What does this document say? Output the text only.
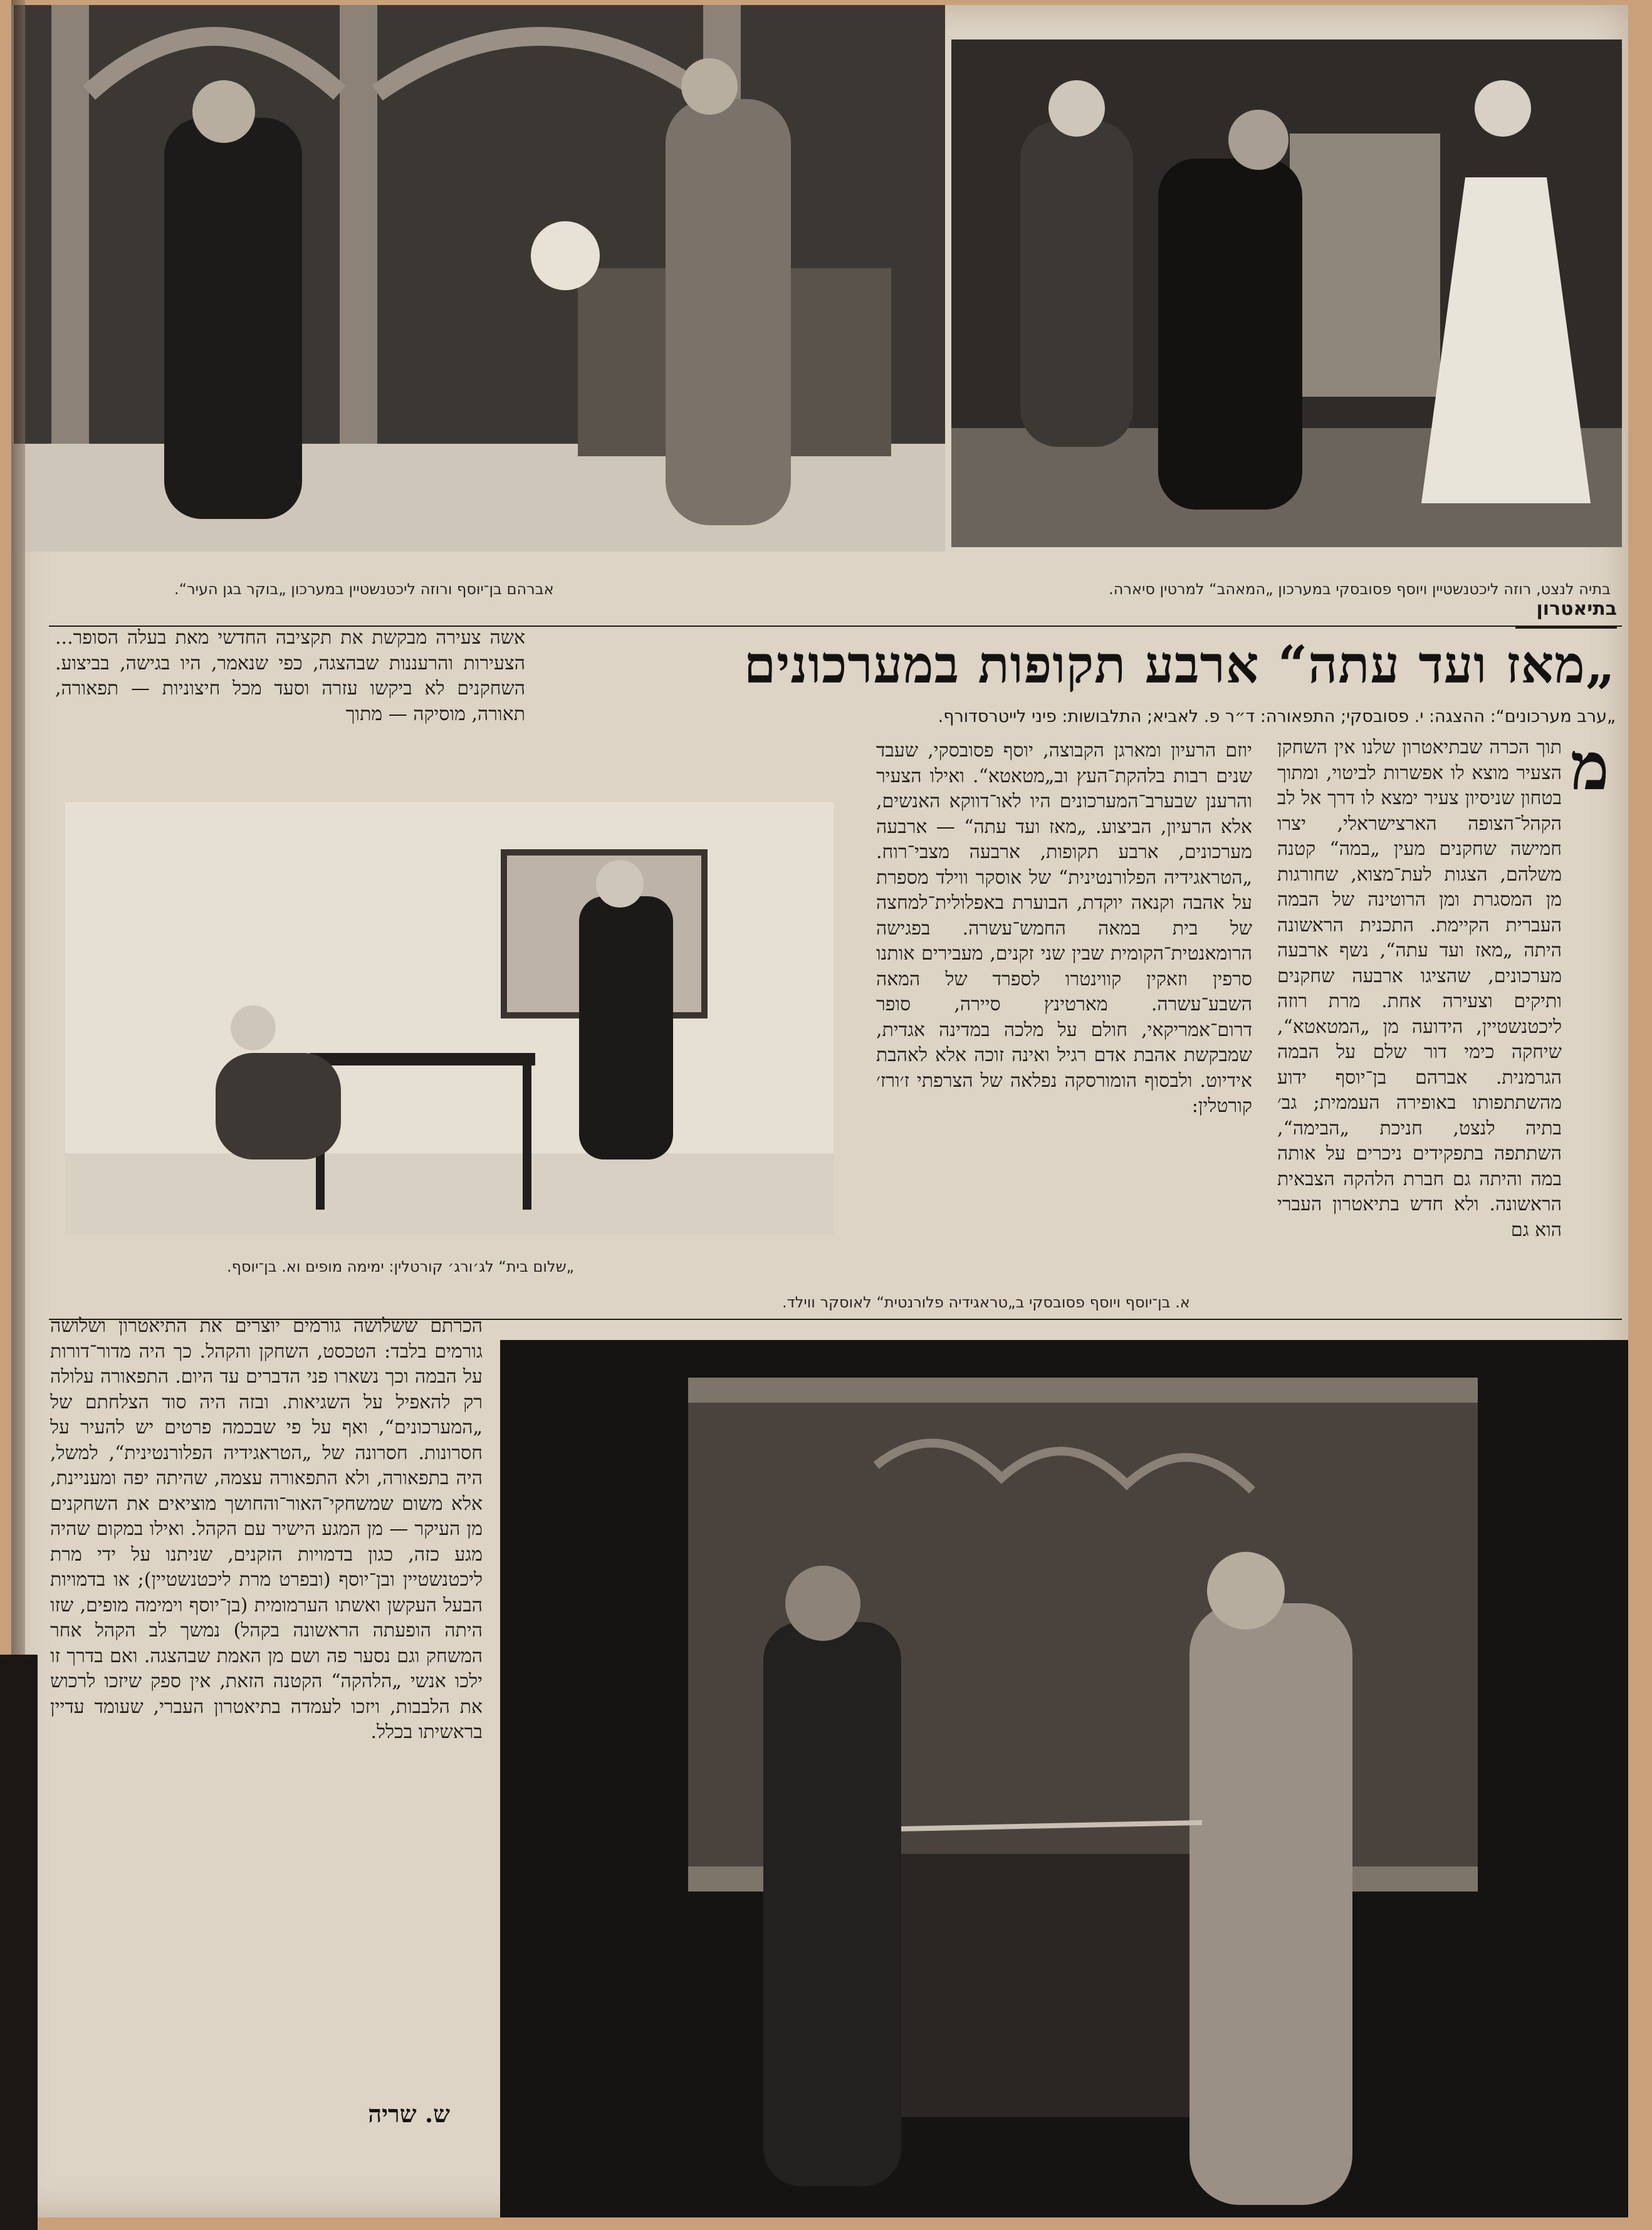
אברהם בן־יוסף ורוזה ליכטנשטיין במערכון „בוקר בגן העיר“.	בתיה לנצט, רוזה ליכטנשטיין ויוסף פסובסקי במערכון „המאהב“ למרטין סיארה.
בתיאטרון
„מאז ועד עתה“ ארבע תקופות במערכונים
„ערב מערכונים“: ההצגה: י. פסובסקי; התפאורה: ד״ר פ. לאביא; התלבושות: פיני לייטרסדורף.
מ

תוך הכרה שבתיאטרון שלנו אין השחקן הצעיר מוצא לו אפשרות לביטוי, ומתוך בטחון שניסיון צעיר ימצא לו דרך אל לב הקהל־הצופה הארצישראלי, יצרו חמישה שחקנים מעין „במה“ קטנה משלהם, הצגות לעת־מצוא, שחורגות מן המסגרת ומן הרוטינה של הבמה העברית הקיימת. התכנית הראשונה היתה „מאז ועד עתה“, נשף ארבעה מערכונים, שהציגו ארבעה שחקנים ותיקים וצעירה אחת. מרת רוזה ליכטנשטיין, הידועה מן „המטאטא“, שיחקה כימי דור שלם על הבמה הגרמנית. אברהם בן־יוסף ידוע מהשתתפותו באופירה העממית; גב׳ בתיה לנצט, חניכת „הבימה“, השתתפה בתפקידים ניכרים על אותה במה והיתה גם חברת הלהקה הצבאית הראשונה. ולא חדש בתיאטרון העברי הוא גם

יוזם הרעיון ומארגן הקבוצה, יוסף פסובסקי, שעבד שנים רבות בלהקת־העץ וב„מטאטא“. ואילו הצעיר והרענן שבערב־המערכונים היו לאו־דווקא האנשים, אלא הרעיון, הביצוע. „מאז ועד עתה“ — ארבעה מערכונים, ארבע תקופות, ארבעה מצבי־רוח. „הטראגידיה הפלורנטינית“ של אוסקר ווילד מספרת על אהבה וקנאה יוקדת, הבוערת באפלולית־למחצה של בית במאה החמש־עשרה. בפגישה הרומאנטית־הקומית שבין שני זקנים, מעבירים אותנו סרפין וזאקין קווינטרו לספרד של המאה השבע־עשרה. מארטינץ סיירה, סופר דרום־אמריקאי, חולם על מלכה במדינה אגדית, שמבקשת אהבת אדם רגיל ואינה זוכה אלא לאהבת אידיוט. ולבסוף הומורסקה נפלאה של הצרפתי ז׳ורז׳ קורטלין:

אשה צעירה מבקשת את תקציבה החדשי מאת בעלה הסופר... הצעירות והרעננות שבהצגה, כפי שנאמר, היו בגישה, בביצוע. השחקנים לא ביקשו עזרה וסעד מכל חיצוניות — תפאורה, תאורה, מוסיקה — מתוך

„שלום בית“ לג׳ורג׳ קורטלין: ימימה מופים וא. בן־יוסף.
א. בן־יוסף ויוסף פסובסקי ב„טראגידיה פלורנטית“ לאוסקר ווילד.

הכרתם ששלושה גורמים יוצרים את התיאטרון ושלושה גורמים בלבד: הטכסט, השחקן והקהל. כך היה מדור־דורות על הבמה וכך נשארו פני הדברים עד היום. התפאורה עלולה רק להאפיל על השגיאות. ובזה היה סוד הצלחתם של „המערכונים“, ואף על פי שבכמה פרטים יש להעיר על חסרונות. חסרונה של „הטראגידיה הפלורנטינית“, למשל, היה בתפאורה, ולא התפאורה עצמה, שהיתה יפה ומעניינת, אלא משום שמשחקי־האור־והחושך מוציאים את השחקנים מן העיקר — מן המגע הישיר עם הקהל. ואילו במקום שהיה מגע כזה, כגון בדמויות הזקנים, שניתנו על ידי מרת ליכטנשטיין ובן־יוסף (ובפרט מרת ליכטנשטיין); או בדמויות הבעל העקשן ואשתו הערמומית (בן־יוסף וימימה מופים, שזו היתה הופעתה הראשונה בקהל) נמשך לב הקהל אחר המשחק וגם נסער פה ושם מן האמת שבהצגה. ואם בדרך זו ילכו אנשי „הלהקה“ הקטנה הזאת, אין ספק שיזכו לרכוש את הלבבות, ויזכו לעמדה בתיאטרון העברי, שעומד עדיין בראשיתו בכלל.

ש. שריה
